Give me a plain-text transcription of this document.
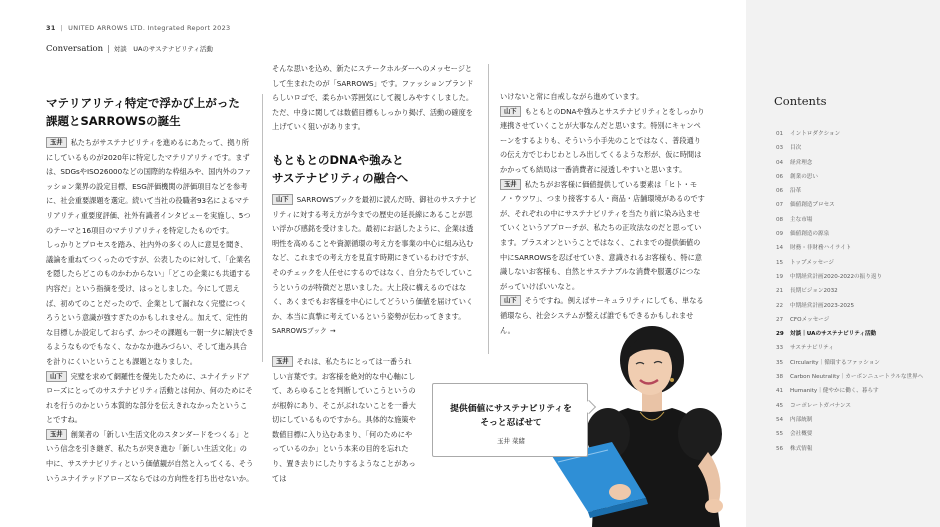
31 | UNITED ARROWS LTD. Integrated Report 2023
Conversation | 対談　UAのサステナビリティ活動
マテリアリティ特定で浮かび上がった
課題とSARROWSの誕生

玉井 私たちがサステナビリティを進めるにあたって、拠り所にしているものが2020年に特定したマテリアリティです。まずは、SDGsやISO26000などの国際的な枠組みや、国内外のファッション業界の設定目標、ESG評価機関の評価項目などを参考に、社会重要課題を選定。続いて当社の役職者93名によるマテリアリティ重要度評価、社外有識者インタビューを実施し、5つのテーマと16項目のマテリアリティを特定したものです。

しっかりとプロセスを踏み、社内外の多くの人に意見を聞き、議論を重ねてつくったのですが、公表したのに対して、「企業名を隠したらどこのものかわからない」「どこの企業にも共通する内容だ」という指摘を受け、はっとしました。今にして思えば、初めてのことだったので、企業として漏れなく完璧につくろうという意識が強すぎたのかもしれません。加えて、定性的な目標しか設定しておらず、かつその課題も一朝一夕に解決できるようなものでもなく、なかなか進みづらい、そして進み具合を計りにくいということも課題となりました。

山下 完璧を求めて網羅性を優先したために、ユナイテッドアローズにとってのサステナビリティ活動とは何か、何のためにそれを行うのかという本質的な部分を伝えきれなかったということですね。

玉井 創業者の「新しい生活文化のスタンダードをつくる」という信念を引き継ぎ、私たちが突き進む「新しい生活文化」の中に、サステナビリティという価値観が自然と入ってくる、そういうユナイテッドアローズならではの方向性を打ち出せないか。

そんな思いを込め、新たにステークホルダーへのメッセージとして生まれたのが「SARROWS」です。ファッションブランドらしいロゴで、柔らかい雰囲気にして親しみやすくしました。ただ、中身に関しては数値目標もしっかり掲げ、活動の確度を上げていく狙いがあります。

もともとのDNAや強みと
サステナビリティの融合へ

山下 SARROWSブックを最初に読んだ時、御社のサステナビリティに対する考え方が今までの歴史の延長線にあることが思い浮かび感銘を受けました。最初にお話したように、企業は透明性を高めることや資源循環の考え方を事業の中心に組み込むなど、これまでの考え方を見直す時期にきているわけですが、そのチェックを人任せにするのではなく、自分たちでしていこうというのが特徴だと思いました。大上段に構えるのではなく、あくまでもお客様を中心にしてどういう価値を届けていくか、本当に真摯に考えているという姿勢が伝わってきます。

SARROWSブック →

玉井 それは、私たちにとっては一番うれしい言葉です。お客様を絶対的な中心軸にして、あらゆることを判断していこうというのが根幹にあり、そこがぶれないことを一番大切にしているものですから。具体的な施策や数値目標に入り込むあまり、「何のためにやっているのか」という本来の目的を忘れたり、置き去りにしたりするようなことがあっては

いけないと常に自戒しながら進めています。

山下 もともとのDNAや強みとサステナビリティとをしっかり連携させていくことが大事なんだと思います。特別にキャンペーンをするよりも、そういう小手先のことではなく、普段通りの伝え方でじわじわとしみ出してくるような形が、仮に時間はかかっても結局は一番消費者に浸透しやすいと思います。

玉井 私たちがお客様に価値提供している要素は「ヒト・モノ・ウツワ」、つまり接客する人・商品・店舗環境があるのですが、それぞれの中にサステナビリティを当たり前に染み込ませていくというアプローチが、私たちの正攻法なのだと思っています。プラスオンということではなく、これまでの提供価値の中にSARROWSを忍ばせていき、意識されるお客様も、特に意識しないお客様も、自然とサステナブルな消費や服選びにつながっていけばいいなと。

山下 そうですね。例えばサーキュラリティにしても、単なる循環なら、社会システムが整えば誰でもできるかもしれません。

提供価値にサステナビリティを
そっと忍ばせて
玉井 菜緒
Contents
01 イントロダクション
03 目次
04 経営理念
06 創業の思い
06 沿革
07 価値創造プロセス
08 主な市場
09 価値創造の源泉
14 財務・非財務ハイライト
15 トップメッセージ
19 中期経営計画2020-2022の振り返り
21 長期ビジョン2032
22 中期経営計画2023-2025
27 CFOメッセージ
29 対談｜UAのサステナビリティ活動
33 サステナビリティ
35 Circularity｜循環するファッション
38 Carbon Neutrality｜カーボンニュートラルな世界へ
41 Humanity｜健やかに働く、暮らす
45 コーポレートガバナンス
54 内部統制
55 会社概要
56 株式情報
